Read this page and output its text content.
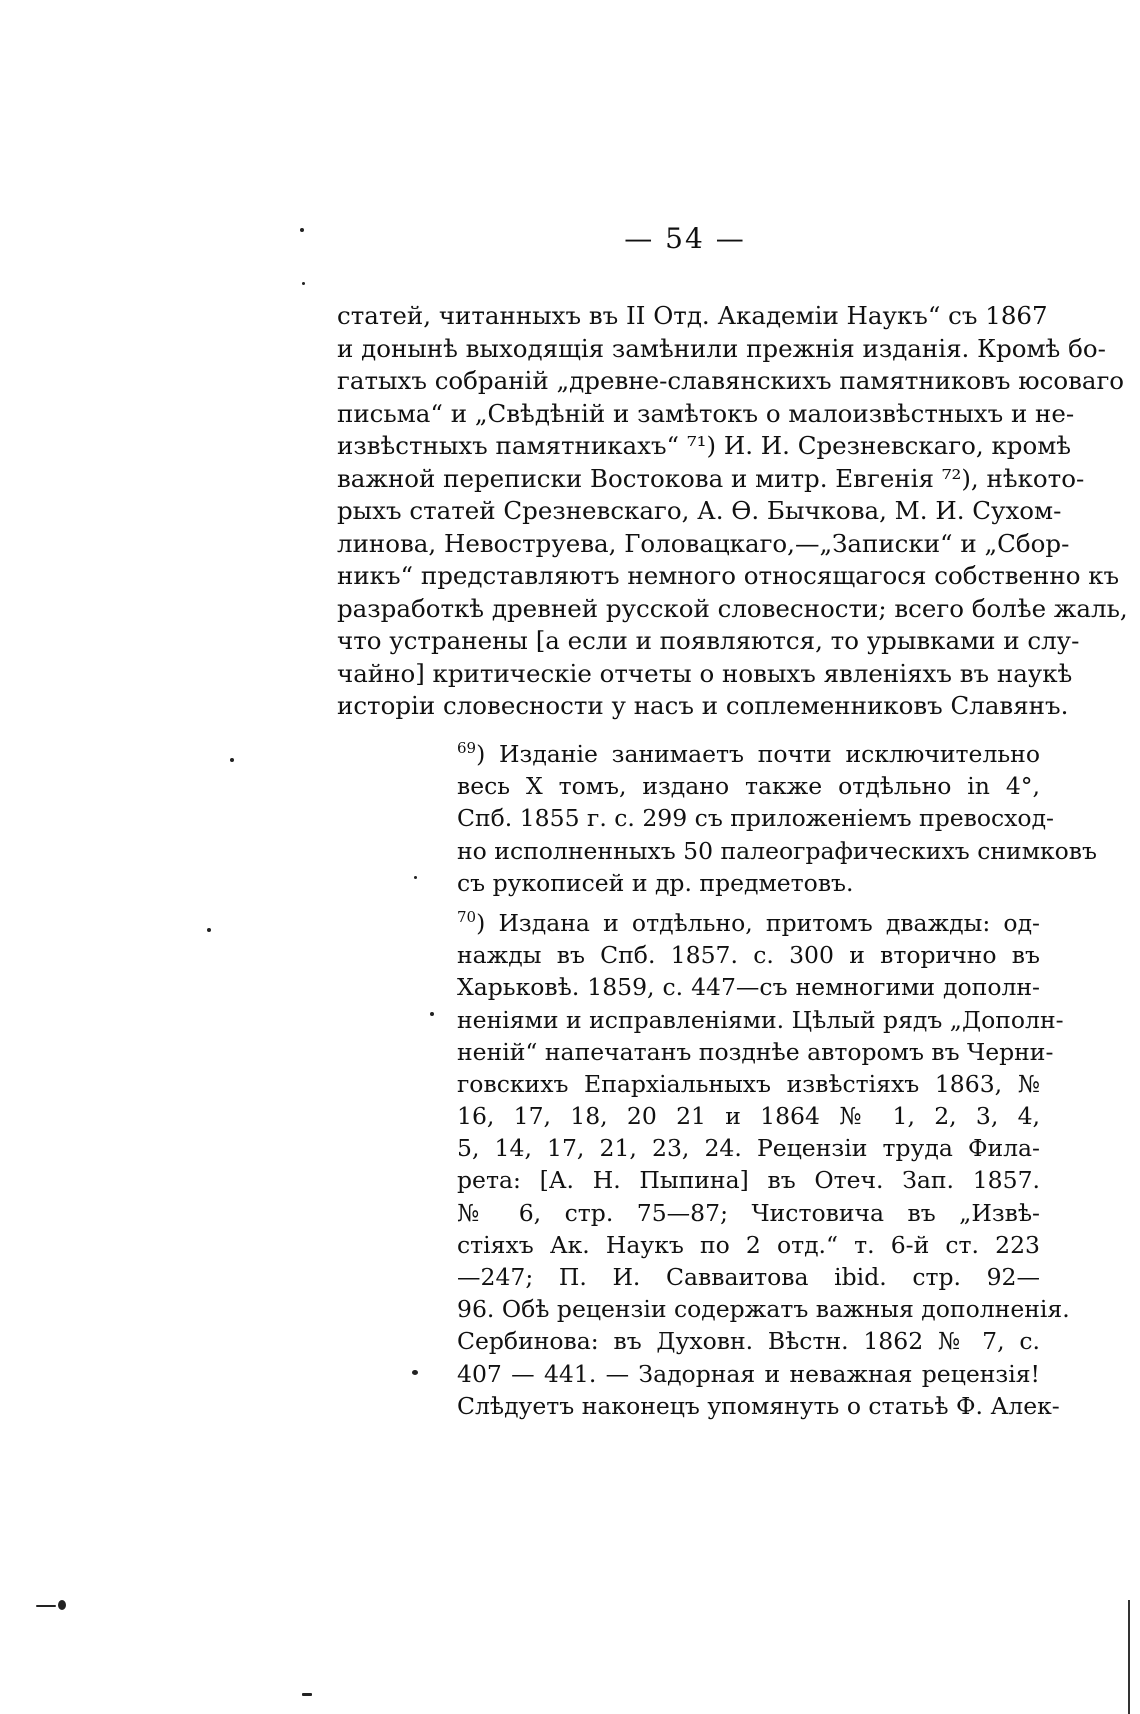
— 54 —
статей, читанныхъ въ II Отд. Академіи Наукъ“ съ 1867
и донынѣ выходящія замѣнили прежнія изданія. Кромѣ бо-
гатыхъ собраній „древне-славянскихъ памятниковъ юсоваго
письма“ и „Свѣдѣній и замѣтокъ о малоизвѣстныхъ и не-
извѣстныхъ памятникахъ“ ⁷¹) И. И. Срезневскаго, кромѣ
важной переписки Востокова и митр. Евгенія ⁷²), нѣкото-
рыхъ статей Срезневскаго, А. Ѳ. Бычкова, М. И. Сухом-
линова, Невоструева, Головацкаго,—„Записки“ и „Сбор-
никъ“ представляютъ немного относящагося собственно къ
разработкѣ древней русской словесности; всего болѣе жаль,
что устранены [а если и появляются, то урывками и слу-
чайно] критическіе отчеты о новыхъ явленіяхъ въ наукѣ
исторіи словесности у насъ и соплеменниковъ Славянъ.
$^{69}$) Изданіе занимаетъ почти исключительно
весь X томъ, издано также отдѣльно in 4°,
Спб. 1855 г. с. 299 съ приложеніемъ превосход-
но исполненныхъ 50 палеографическихъ снимковъ
съ рукописей и др. предметовъ.
$^{70}$) Издана и отдѣльно, притомъ дважды: од-
нажды въ Спб. 1857. с. 300 и вторично въ
Харьковѣ. 1859, с. 447—съ немногими дополн-
неніями и исправленіями. Цѣлый рядъ „Дополн-
неній“ напечатанъ позднѣе авторомъ въ Черни-
говскихъ Епархіальныхъ извѣстіяхъ 1863, №
16, 17, 18, 20 21 и 1864 № 1, 2, 3, 4,
5, 14, 17, 21, 23, 24. Рецензіи труда Фила-
рета: [А. Н. Пыпина] въ Отеч. Зап. 1857.
№ 6, стр. 75—87; Чистовича въ „Извѣ-
стіяхъ Ак. Наукъ по 2 отд.“ т. 6-й ст. 223
—247; П. И. Савваитова ibid. стр. 92—
96. Обѣ рецензіи содержатъ важныя дополненія.
Сербинова: въ Духовн. Вѣстн. 1862 № 7, с.
407 — 441. — Задорная и неважная рецензія!
Слѣдуетъ наконецъ упомянуть о статьѣ Ф. Алек-
